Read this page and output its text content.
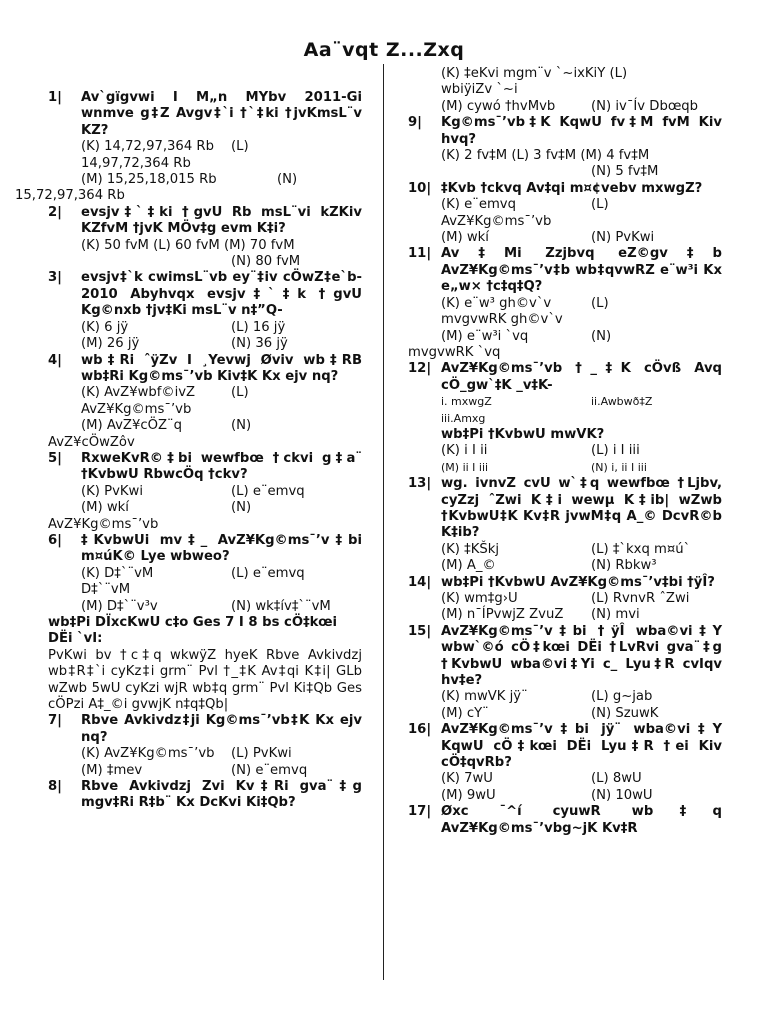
Aa¨vqt Z...Zxq
1|	Av`gïgvwi I M„n MYbv 2011-Gi wnmve g‡Z Avgv‡`i †`‡ki †jvKmsL¨v KZ?
(K) 14,72,97,364 Rb	(L)
14,97,72,364 Rb
(M) 15,25,18,015 Rb	(N)
15,72,97,364 Rb
2|	evsjv‡`‡ki †gvU Rb msL¨vi kZKiv KZfvM †jvK MÖv‡g evm K‡i?
(K) 50 fvM (L) 60 fvM (M) 70 fvM
(N) 80 fvM
3|	evsjv‡`k cwimsL¨vb ey¨‡iv cÖwZ‡e`b-2010 Abyhvqx evsjv‡`‡k †gvU Kg©nxb †jv‡Ki msL¨v n‡”Q-
(K) 6 jÿ	(L) 16 jÿ
(M) 26 jÿ	(N) 36 jÿ
4|	wb‡Ri ˆÿZv I ¸Yevwj Øviv wb‡RB wb‡Ri Kg©ms¯’vb Kiv‡K Kx ejv nq?
(K) AvZ¥wbf©ivZ	(L)
AvZ¥Kg©ms¯’vb
(M) AvZ¥cÖZ¨q	(N)
AvZ¥cÖwZôv
5|	RxweKvR©‡bi wewfbœ †ckvi g‡a¨ †KvbwU RbwcÖq †ckv?
(K) PvKwi	(L) e¨emvq
(M) wkí	(N)
AvZ¥Kg©ms¯’vb
6|	‡KvbwUi mv‡_ AvZ¥Kg©ms¯’v‡bi m¤úK© Lye wbweo?
(K) D‡`¨vM	(L) e¨emvq
D‡`¨vM
(M) D‡`¨v³v	(N) wk‡ív‡`¨vM
wb‡Pi DÏxcKwU c‡o Ges 7 I 8 bs cÖ‡kœi DËi `vI:
PvKwi bv †c‡q wkwÿZ hyeK Rbve Avkivdzj wb‡R‡`i cyKz‡i grm¨ Pvl †_‡K Av‡qi K‡i| GLb wZwb 5wU cyKzi wjR wb‡q grm¨ Pvl Ki‡Qb Ges cÖPzi A‡_©i gvwjK n‡q‡Qb|
7|	Rbve Avkivdz‡ji Kg©ms¯’vb‡K Kx ejv nq?
(K) AvZ¥Kg©ms¯’vb	(L) PvKwi
(M) ‡mev	(N) e¨emvq
8|	Rbve Avkivdzj Zvi Kv‡Ri gva¨‡g mgv‡Ri R‡b¨ Kx DcKvi Ki‡Qb?
(K) ‡eKvi mgm¨v `~ixKiY (L)
wbiÿiZv `~i
(M) cywó †hvMvb	(N) iv¯Ív Dbœqb
9|	Kg©ms¯’vb‡K KqwU fv‡M fvM Kiv hvq?
(K) 2 fv‡M (L) 3 fv‡M (M) 4 fv‡M
(N) 5 fv‡M
10| ‡Kvb †ckvq Av‡qi m¤¢vebv mxwgZ?
(K) e¨emvq	(L)
AvZ¥Kg©ms¯’vb
(M) wkí	(N) PvKwi
11| Av‡Mi Zzjbvq eZ©gv‡b AvZ¥Kg©ms¯’v‡b wb‡qvwRZ e¨w³i Kx e„w× †c‡q‡Q?
(K) e¨w³ gh©v`v	(L)
mvgvwRK gh©v`v
(M) e¨w³i `vq	(N)
mvgvwRK `vq
12| AvZ¥Kg©ms¯’vb †_‡K cÖvß Avq cÖ_gw`‡K _v‡K-
i. mxwgZ	ii.Awbwð‡Z
iii.Amxg
wb‡Pi †KvbwU mwVK?
(K) i I ii	(L) i I iii
(M) ii I iii	(N) i, ii I iii
13| wg. ivnvZ cvU w`‡q wewfbœ †Ljbv, cyZzj ˆZwi K‡i wewµ K‡ib| wZwb †KvbwU‡K Kv‡R jvwM‡q A_© DcvR©b K‡ib?
(K) ‡KŠkj	(L) ‡`kxq m¤ú`
(M) A_©	(N) Rbkw³
14| wb‡Pi †KvbwU AvZ¥Kg©ms¯’v‡bi †ÿÎ?
(K) wm‡g›U	(L) RvnvR ˆZwi
(M) n¯ÍPvwjZ ZvuZ	(N) mvi
15| AvZ¥Kg©ms¯’v‡bi †ÿÎ wba©vi‡Y wbw`©ó cÖ‡kœi DËi †LvRvi gva¨‡g †KvbwU wba©vi‡Yi c_ Lyu‡R cvIqv hv‡e?
(K) mwVK jÿ¨	(L) g~jab
(M) cY¨	(N) SzuwK
16| AvZ¥Kg©ms¯’v‡bi jÿ¨ wba©vi‡Y KqwU cÖ‡kœi DËi Lyu‡R †ei Kiv cÖ‡qvRb?
(K) 7wU	(L) 8wU
(M) 9wU	(N) 10wU
17| Øxc ¯^í cyuwR wb‡q AvZ¥Kg©ms¯’vbg~jK Kv‡R
